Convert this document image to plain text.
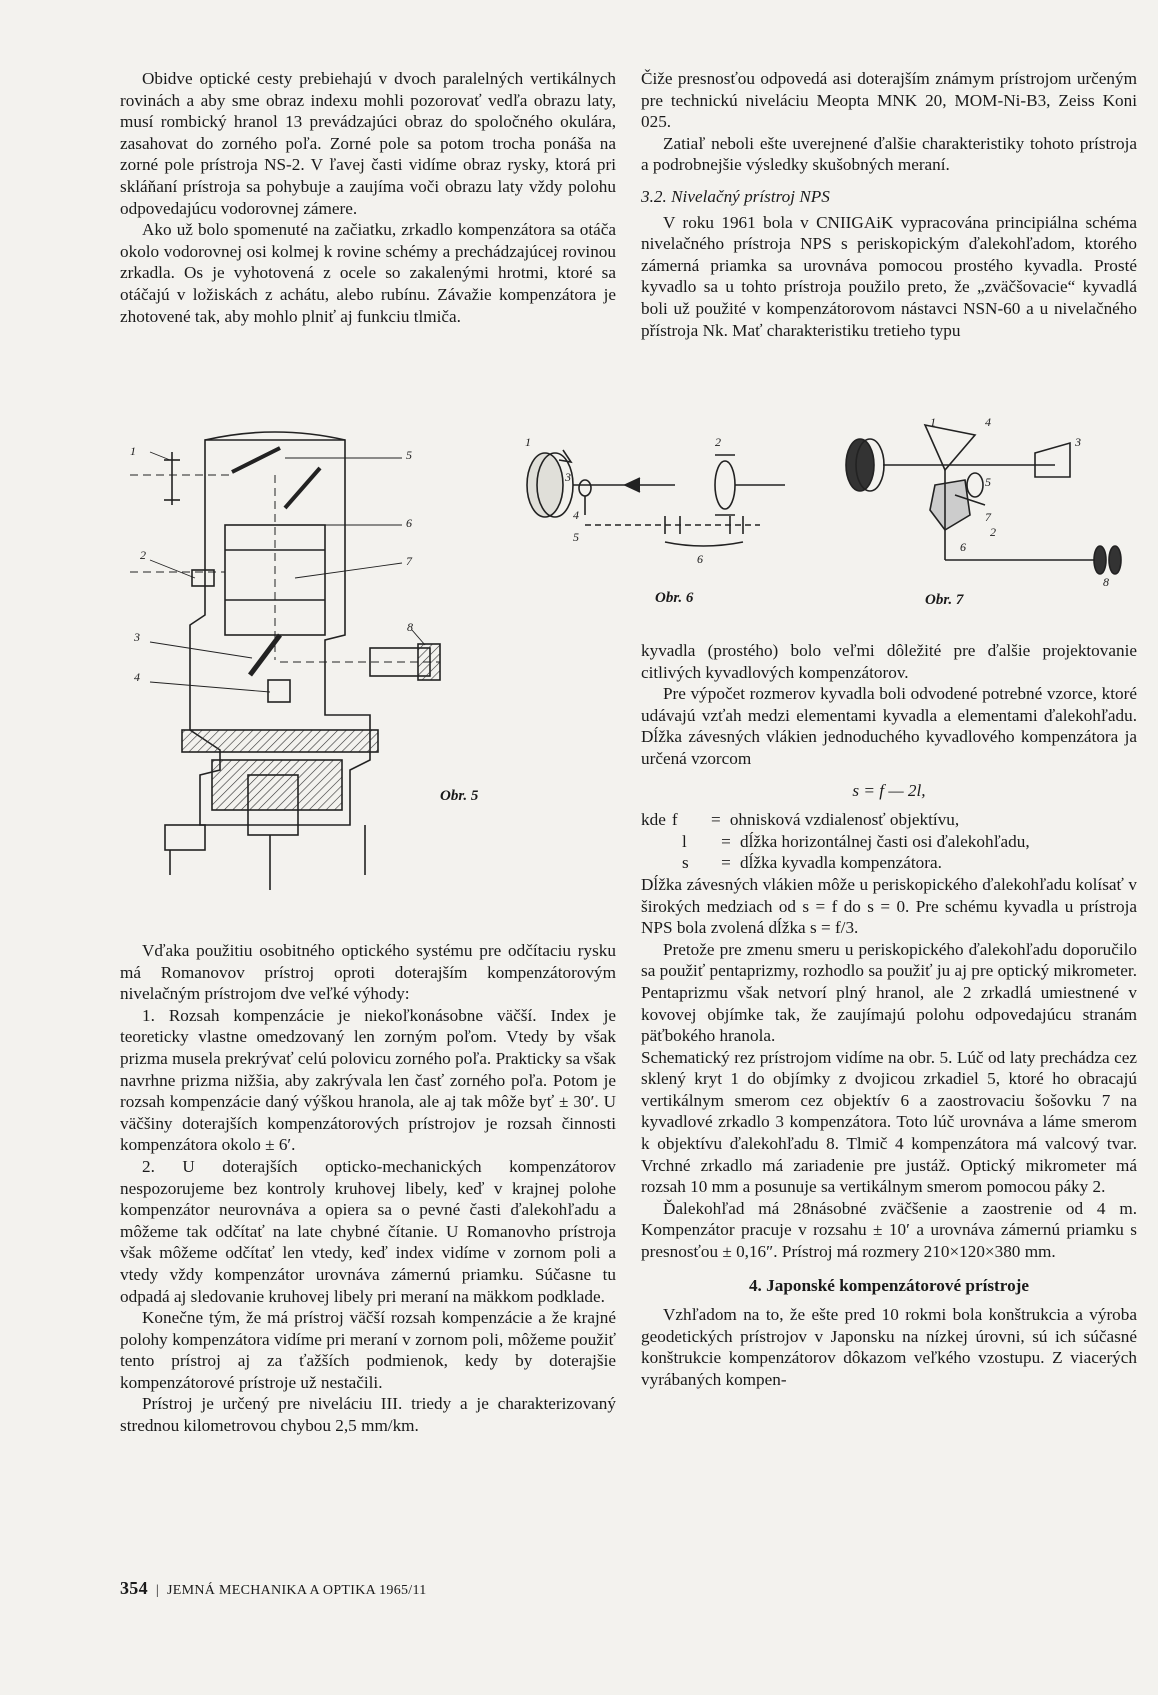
Obidve optické cesty prebiehajú v dvoch paralelných vertikálnych rovinách a aby sme obraz indexu mohli pozorovať vedľa obrazu laty, musí rombický hranol 13 prevádzajúci obraz do spoločného okulára, zasahovat do zorného poľa. Zorné pole sa potom trocha ponáša na zorné pole prístroja NS-2. V ľavej časti vidíme obraz rysky, ktorá pri skláňaní prístroja sa pohybuje a zaujíma voči obrazu laty vždy polohu odpovedajúcu vodorovnej zámere.

Ako už bolo spomenuté na začiatku, zrkadlo kompenzátora sa otáča okolo vodorovnej osi kolmej k rovine schémy a prechádzajúcej rovinou zrkadla. Os je vyhotovená z ocele so zakalenými hrotmi, ktoré sa otáčajú v ložiskách z achátu, alebo rubínu. Závažie kompenzátora je zhotovené tak, aby mohlo plniť aj funkciu tlmiča.

1
2
3
4
5
6
7
8
Obr. 5
1	2
3
4
5
6
Obr. 6
1
2
3
4
5
6
7
8
Obr. 7

Vďaka použitiu osobitného optického systému pre odčítaciu rysku má Romanovov prístroj oproti doterajším kompenzátorovým nivelačným prístrojom dve veľké výhody:

1. Rozsah kompenzácie je niekoľkonásobne väčší. Index je teoreticky vlastne omedzovaný len zorným poľom. Vtedy by však prizma musela prekrývať celú polovicu zorného poľa. Prakticky sa však navrhne prizma nižšia, aby zakrývala len časť zorného poľa. Potom je rozsah kompenzácie daný výškou hranola, ale aj tak môže byť ± 30′. U väčšiny doterajších kompenzátorových prístrojov je rozsah činnosti kompenzátora okolo ± 6′.

2. U doterajších opticko-mechanických kompenzátorov nespozorujeme bez kontroly kruhovej libely, keď v krajnej polohe kompenzátor neurovnáva a opiera sa o pevné časti ďalekohľadu a môžeme tak odčítať na late chybné čítanie. U Romanovho prístroja však môžeme odčítať len vtedy, keď index vidíme v zornom poli a vtedy vždy kompenzátor urovnáva zámernú priamku. Súčasne tu odpadá aj sledovanie kruhovej libely pri meraní na mäkkom podklade.

Konečne tým, že má prístroj väčší rozsah kompenzácie a že krajné polohy kompenzátora vidíme pri meraní v zornom poli, môžeme použiť tento prístroj aj za ťažších podmienok, kedy by doterajšie kompenzátorové prístroje už nestačili.

Prístroj je určený pre niveláciu III. triedy a je charakterizovaný strednou kilometrovou chybou 2,5 mm/km.

Čiže presnosťou odpovedá asi doterajším známym prístrojom určeným pre technickú niveláciu Meopta MNK 20, MOM-Ni-B3, Zeiss Koni 025.

Zatiaľ neboli ešte uverejnené ďalšie charakteristiky tohoto prístroja a podrobnejšie výsledky skušobných meraní.

3.2. Nivelačný prístroj NPS

V roku 1961 bola v CNIIGAiK vypracována principiálna schéma nivelačného prístroja NPS s periskopickým ďalekohľadom, ktorého zámerná priamka sa urovnáva pomocou prostého kyvadla. Prosté kyvadlo sa u tohto prístroja použilo preto, že „zväčšovacie“ kyvadlá boli už použité v kompenzátorovom nástavci NSN-60 a u nivelačného přístroja Nk. Mať charakteristiku tretieho typu

kyvadla (prostého) bolo veľmi dôležité pre ďalšie projektovanie citlivých kyvadlových kompenzátorov.

Pre výpočet rozmerov kyvadla boli odvodené potrebné vzorce, ktoré udávajú vzťah medzi elementami kyvadla a elementami ďalekohľadu. Dĺžka závesných vlákien jednoduchého kyvadlového kompenzátora ja určená vzorcom

s = f — 2l,

kde f	= ohnisková vzdialenosť objektívu,
l	= dĺžka horizontálnej časti osi ďalekohľadu,
s	= dĺžka kyvadla kompenzátora.

Dĺžka závesných vlákien môže u periskopického ďalekohľadu kolísať v širokých medziach od s = f do s = 0. Pre schému kyvadla u prístroja NPS bola zvolená dĺžka s = f/3.

Pretože pre zmenu smeru u periskopického ďalekohľadu doporučilo sa použiť pentaprizmy, rozhodlo sa použiť ju aj pre optický mikrometer. Pentaprizmu však netvorí plný hranol, ale 2 zrkadlá umiestnené v kovovej objímke tak, že zaujímajú polohu odpovedajúcu stranám päťbokého hranola.

Schematický rez prístrojom vidíme na obr. 5. Lúč od laty prechádza cez sklený kryt 1 do objímky z dvojicou zrkadiel 5, ktoré ho obracajú vertikálnym smerom cez objektív 6 a zaostrovaciu šošovku 7 na kyvadlové zrkadlo 3 kompenzátora. Toto lúč urovnáva a láme smerom k objektívu ďalekohľadu 8. Tlmič 4 kompenzátora má valcový tvar. Vrchné zrkadlo má zariadenie pre justáž. Optický mikrometer má rozsah 10 mm a posunuje sa vertikálnym smerom pomocou páky 2.

Ďalekohľad má 28násobné zväčšenie a zaostrenie od 4 m. Kompenzátor pracuje v rozsahu ± 10′ a urovnáva zámernú priamku s presnosťou ± 0,16″. Prístroj má rozmery 210×120×380 mm.

4. Japonské kompenzátorové prístroje

Vzhľadom na to, že ešte pred 10 rokmi bola konštrukcia a výroba geodetických prístrojov v Japonsku na nízkej úrovni, sú ich súčasné konštrukcie kompenzátorov dôkazom veľkého vzostupu. Z viacerých vyrábaných kompen-

354 | JEMNÁ MECHANIKA A OPTIKA 1965/11
